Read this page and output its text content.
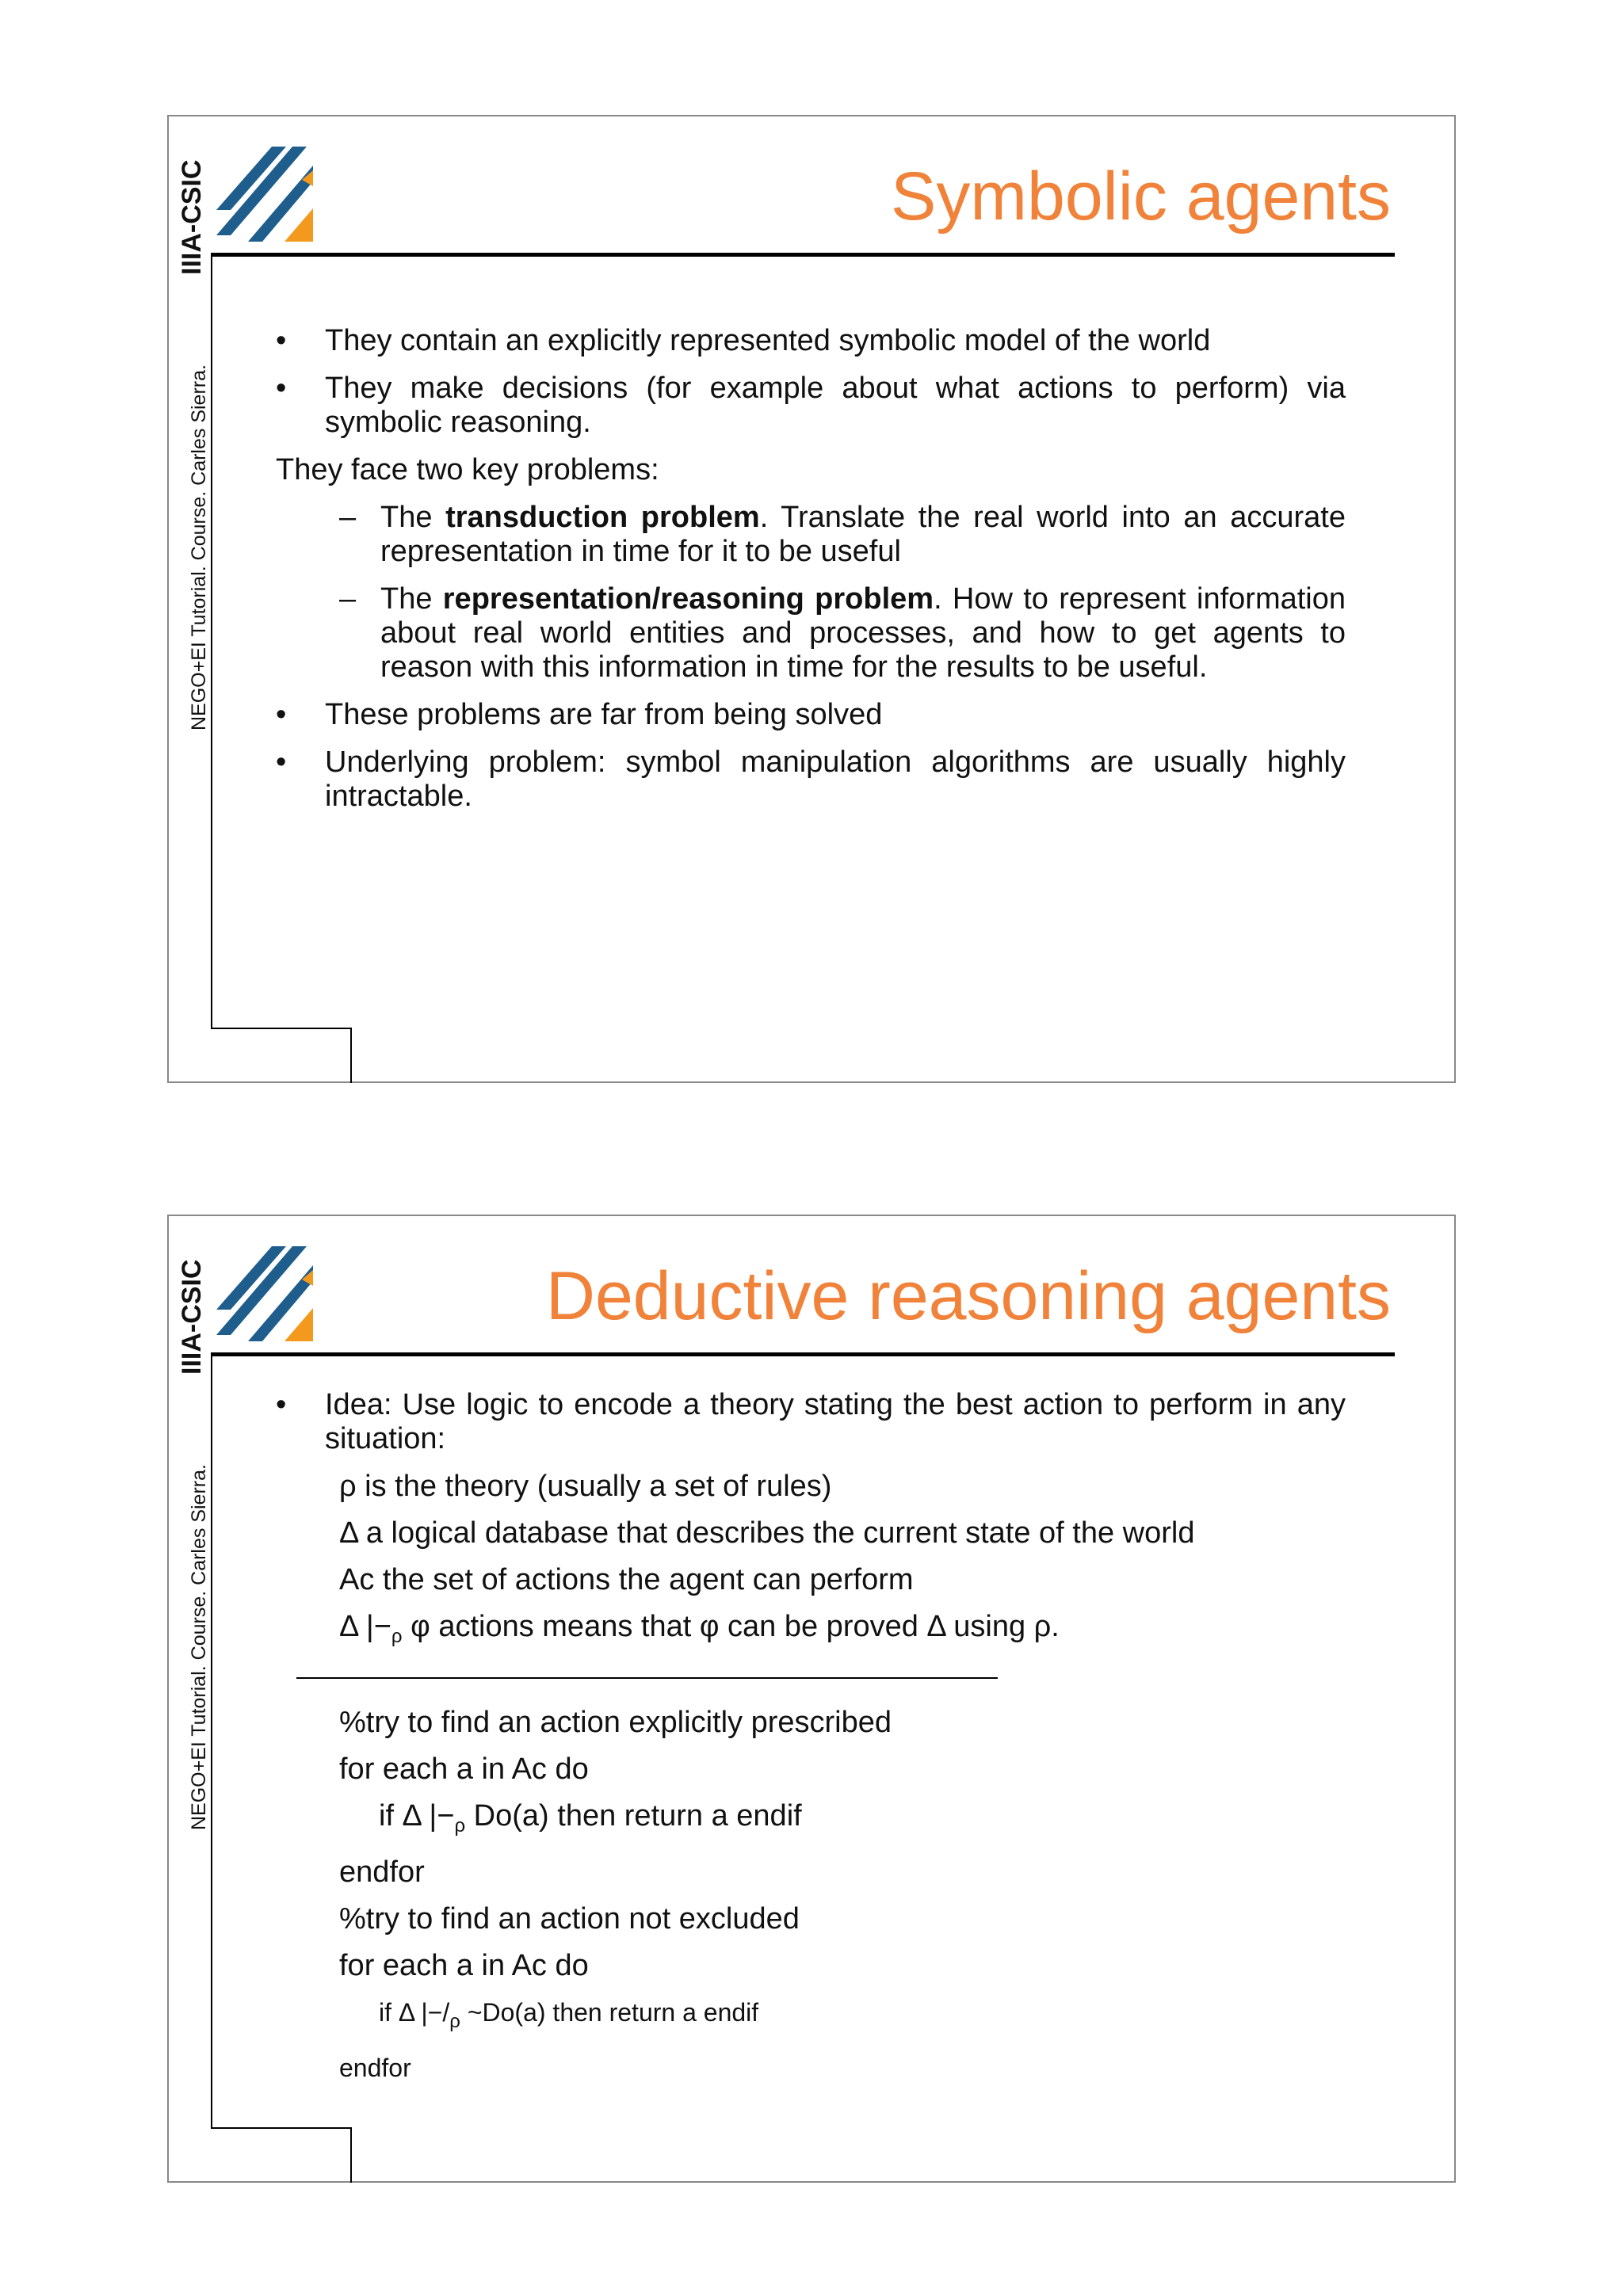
IIIA-CSIC
NEGO+EI Tutorial. Course. Carles Sierra.
Symbolic agents
• They contain an explicitly represented symbolic model of the world
• They make decisions (for example about what actions to perform) via symbolic reasoning.
They face two key problems:
– The transduction problem. Translate the real world into an accurate representation in time for it to be useful
– The representation/reasoning problem. How to represent information about real world entities and processes, and how to get agents to reason with this information in time for the results to be useful.
• These problems are far from being solved
• Underlying problem: symbol manipulation algorithms are usually highly intractable.
IIIA-CSIC
NEGO+EI Tutorial. Course. Carles Sierra.
Deductive reasoning agents
• Idea: Use logic to encode a theory stating the best action to perform in any situation:
ρ is the theory (usually a set of rules)
Δ a logical database that describes the current state of the world
Ac the set of actions the agent can perform
Δ $|-_\rho$ φ actions means that φ can be proved Δ using ρ.
%try to find an action explicitly prescribed
for each a in Ac do
if Δ $|-_\rho$ Do(a) then return a endif
endfor
%try to find an action not excluded
for each a in Ac do
if Δ $|-/_\rho$ ~Do(a) then return a endif
endfor
